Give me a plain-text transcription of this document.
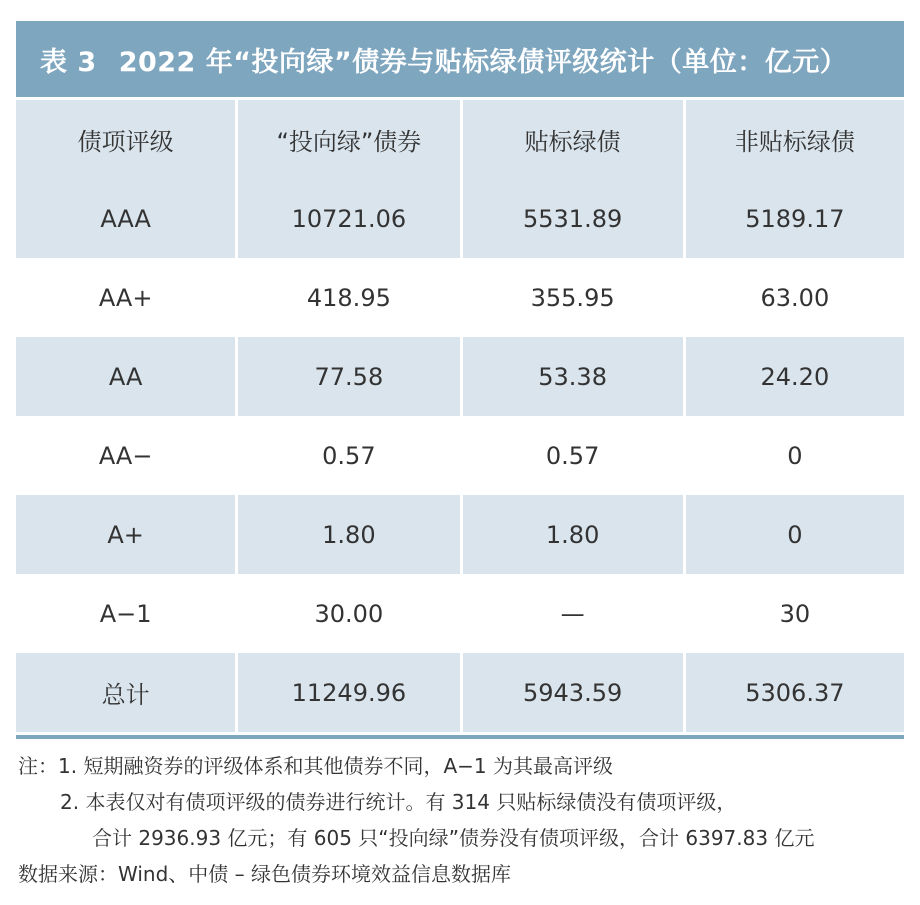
表 3 2022 年“投向绿”债券与贴标绿债评级统计（单位：亿元）
债项评级	“投向绿”债券	贴标绿债	非贴标绿债
AAA	10721.06	5531.89	5189.17
AA+	418.95	355.95	63.00
AA	77.58	53.38	24.20
AA−	0.57	0.57	0
A+	1.80	1.80	0
A−1	30.00	—	30
总计	11249.96	5943.59	5306.37
注：1. 短期融资券的评级体系和其他债券不同，A−1 为其最高评级
2. 本表仅对有债项评级的债券进行统计。有 314 只贴标绿债没有债项评级，
合计 2936.93 亿元；有 605 只“投向绿”债券没有债项评级，合计 6397.83 亿元
数据来源：Wind、中债 – 绿色债券环境效益信息数据库
